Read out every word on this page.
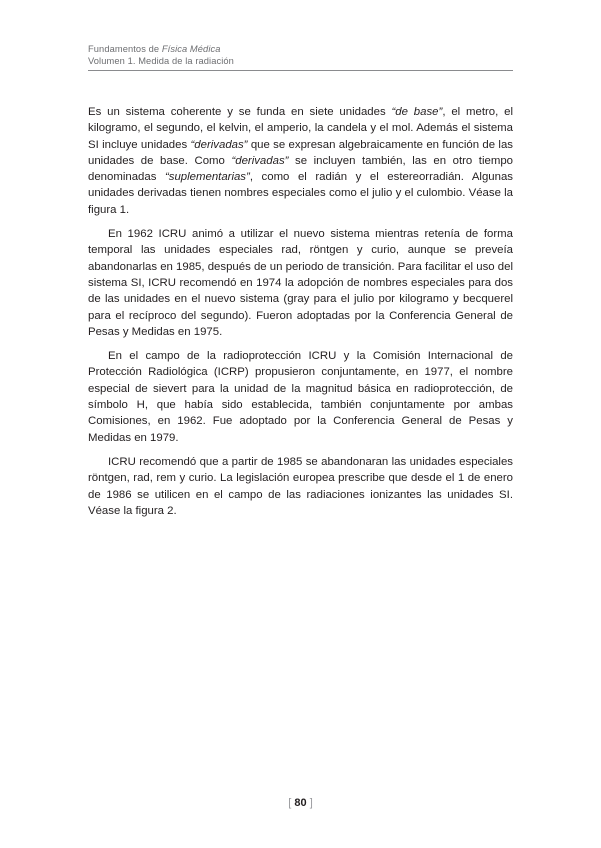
Fundamentos de Física Médica
Volumen 1. Medida de la radiación

Es un sistema coherente y se funda en siete unidades “de base”, el metro, el kilogramo, el segundo, el kelvin, el amperio, la candela y el mol. Además el sistema SI incluye unidades “derivadas” que se expresan algebraicamente en función de las unidades de base. Como “derivadas” se incluyen también, las en otro tiempo denominadas “suplementarias”, como el radián y el estereorradián. Algunas unidades derivadas tienen nombres especiales como el julio y el culombio. Véase la figura 1.

En 1962 ICRU animó a utilizar el nuevo sistema mientras retenía de forma temporal las unidades especiales rad, röntgen y curio, aunque se preveía abandonarlas en 1985, después de un periodo de transición. Para facilitar el uso del sistema SI, ICRU recomendó en 1974 la adopción de nombres especiales para dos de las unidades en el nuevo sistema (gray para el julio por kilogramo y becquerel para el recíproco del segundo). Fueron adoptadas por la Conferencia General de Pesas y Medidas en 1975.

En el campo de la radioprotección ICRU y la Comisión Internacional de Protección Radiológica (ICRP) propusieron conjuntamente, en 1977, el nombre especial de sievert para la unidad de la magnitud básica en radioprotección, de símbolo H, que había sido establecida, también conjuntamente por ambas Comisiones, en 1962. Fue adoptado por la Conferencia General de Pesas y Medidas en 1979.

ICRU recomendó que a partir de 1985 se abandonaran las unidades especiales röntgen, rad, rem y curio. La legislación europea prescribe que desde el 1 de enero de 1986 se utilicen en el campo de las radiaciones ionizantes las unidades SI. Véase la figura 2.

[ 80 ]
